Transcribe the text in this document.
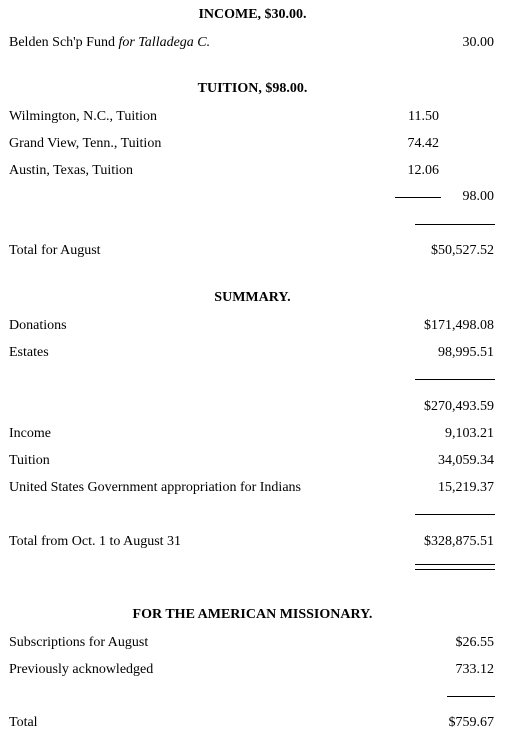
INCOME, $30.00.
Belden Sch'p Fund for Talladega C.	30.00
TUITION, $98.00.
Wilmington, N.C., Tuition	11.50
Grand View, Tenn., Tuition	74.42
Austin, Texas, Tuition	12.06
98.00
Total for August	$50,527.52
SUMMARY.
Donations	$171,498.08
Estates	98,995.51
$270,493.59
Income	9,103.21
Tuition	34,059.34
United States Government appropriation for Indians	15,219.37
Total from Oct. 1 to August 31	$328,875.51
FOR THE AMERICAN MISSIONARY.
Subscriptions for August	$26.55
Previously acknowledged	733.12
Total	$759.67
